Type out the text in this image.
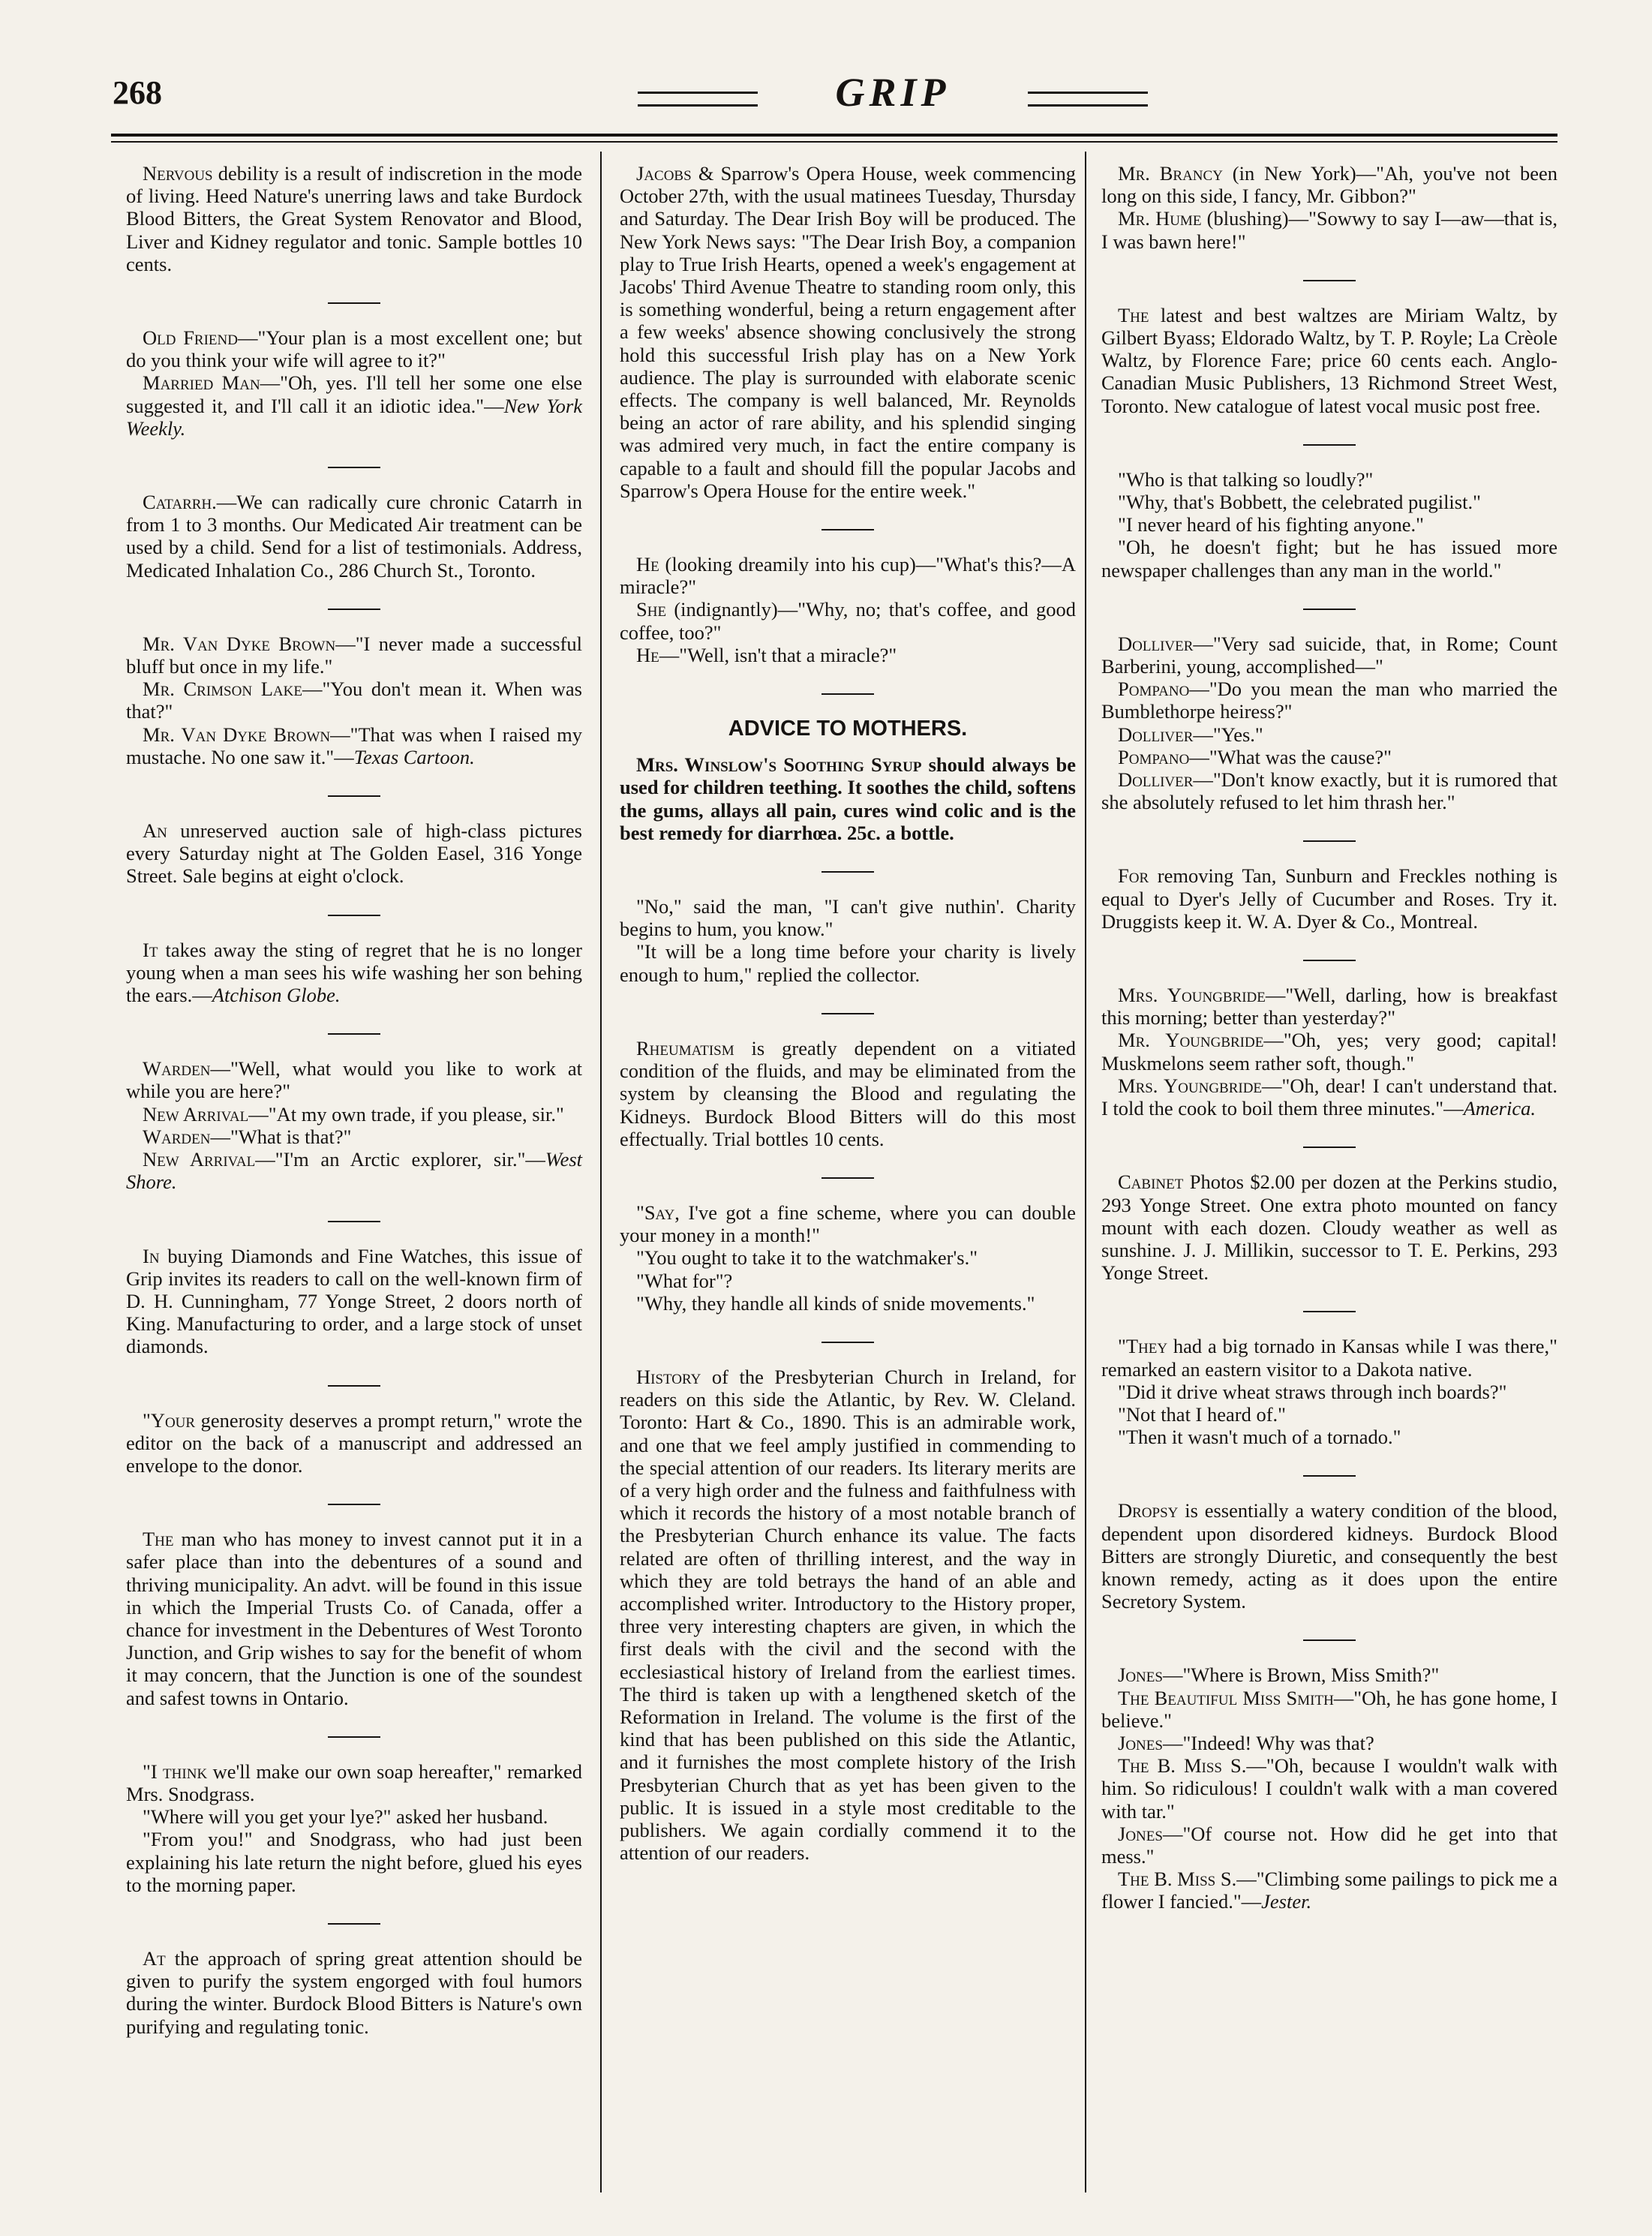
268	GRIP

Nervous debility is a result of indiscretion in the mode of living. Heed Nature's unerring laws and take Burdock Blood Bitters, the Great System Renovator and Blood, Liver and Kidney regulator and tonic. Sample bottles 10 cents.

Old Friend—"Your plan is a most excellent one; but do you think your wife will agree to it?"

Married Man—"Oh, yes. I'll tell her some one else suggested it, and I'll call it an idiotic idea."—New York Weekly.

Catarrh.—We can radically cure chronic Catarrh in from 1 to 3 months. Our Medicated Air treatment can be used by a child. Send for a list of testimonials. Address, Medicated Inhalation Co., 286 Church St., Toronto.

Mr. Van Dyke Brown—"I never made a successful bluff but once in my life."

Mr. Crimson Lake—"You don't mean it. When was that?"

Mr. Van Dyke Brown—"That was when I raised my mustache. No one saw it."—Texas Cartoon.

An unreserved auction sale of high-class pictures every Saturday night at The Golden Easel, 316 Yonge Street. Sale begins at eight o'clock.

It takes away the sting of regret that he is no longer young when a man sees his wife washing her son behing the ears.—Atchison Globe.

Warden—"Well, what would you like to work at while you are here?"

New Arrival—"At my own trade, if you please, sir."

Warden—"What is that?"

New Arrival—"I'm an Arctic explorer, sir."—West Shore.

In buying Diamonds and Fine Watches, this issue of Grip invites its readers to call on the well-known firm of D. H. Cunningham, 77 Yonge Street, 2 doors north of King. Manufacturing to order, and a large stock of unset diamonds.

"Your generosity deserves a prompt return," wrote the editor on the back of a manuscript and addressed an envelope to the donor.

The man who has money to invest cannot put it in a safer place than into the debentures of a sound and thriving municipality. An advt. will be found in this issue in which the Imperial Trusts Co. of Canada, offer a chance for investment in the Debentures of West Toronto Junction, and Grip wishes to say for the benefit of whom it may concern, that the Junction is one of the soundest and safest towns in Ontario.

"I think we'll make our own soap hereafter," remarked Mrs. Snodgrass.

"Where will you get your lye?" asked her husband.

"From you!" and Snodgrass, who had just been explaining his late return the night before, glued his eyes to the morning paper.

At the approach of spring great attention should be given to purify the system engorged with foul humors during the winter. Burdock Blood Bitters is Nature's own purifying and regulating tonic.

Jacobs & Sparrow's Opera House, week commencing October 27th, with the usual matinees Tuesday, Thursday and Saturday. The Dear Irish Boy will be produced. The New York News says: "The Dear Irish Boy, a companion play to True Irish Hearts, opened a week's engagement at Jacobs' Third Avenue Theatre to standing room only, this is something wonderful, being a return engagement after a few weeks' absence showing conclusively the strong hold this successful Irish play has on a New York audience. The play is surrounded with elaborate scenic effects. The company is well balanced, Mr. Reynolds being an actor of rare ability, and his splendid singing was admired very much, in fact the entire company is capable to a fault and should fill the popular Jacobs and Sparrow's Opera House for the entire week."

He (looking dreamily into his cup)—"What's this?—A miracle?"

She (indignantly)—"Why, no; that's coffee, and good coffee, too?"

He—"Well, isn't that a miracle?"

ADVICE TO MOTHERS.

Mrs. Winslow's Soothing Syrup should always be used for children teething. It soothes the child, softens the gums, allays all pain, cures wind colic and is the best remedy for diarrhœa. 25c. a bottle.

"No," said the man, "I can't give nuthin'. Charity begins to hum, you know."

"It will be a long time before your charity is lively enough to hum," replied the collector.

Rheumatism is greatly dependent on a vitiated condition of the fluids, and may be eliminated from the system by cleansing the Blood and regulating the Kidneys. Burdock Blood Bitters will do this most effectually. Trial bottles 10 cents.

"Say, I've got a fine scheme, where you can double your money in a month!"

"You ought to take it to the watchmaker's."

"What for"?

"Why, they handle all kinds of snide movements."

History of the Presbyterian Church in Ireland, for readers on this side the Atlantic, by Rev. W. Cleland. Toronto: Hart & Co., 1890. This is an admirable work, and one that we feel amply justified in commending to the special attention of our readers. Its literary merits are of a very high order and the fulness and faithfulness with which it records the history of a most notable branch of the Presbyterian Church enhance its value. The facts related are often of thrilling interest, and the way in which they are told betrays the hand of an able and accomplished writer. Introductory to the History proper, three very interesting chapters are given, in which the first deals with the civil and the second with the ecclesiastical history of Ireland from the earliest times. The third is taken up with a lengthened sketch of the Reformation in Ireland. The volume is the first of the kind that has been published on this side the Atlantic, and it furnishes the most complete history of the Irish Presbyterian Church that as yet has been given to the public. It is issued in a style most creditable to the publishers. We again cordially commend it to the attention of our readers.

Mr. Brancy (in New York)—"Ah, you've not been long on this side, I fancy, Mr. Gibbon?"

Mr. Hume (blushing)—"Sowwy to say I—aw—that is, I was bawn here!"

The latest and best waltzes are Miriam Waltz, by Gilbert Byass; Eldorado Waltz, by T. P. Royle; La Crèole Waltz, by Florence Fare; price 60 cents each. Anglo-Canadian Music Publishers, 13 Richmond Street West, Toronto. New catalogue of latest vocal music post free.

"Who is that talking so loudly?"

"Why, that's Bobbett, the celebrated pugilist."

"I never heard of his fighting anyone."

"Oh, he doesn't fight; but he has issued more newspaper challenges than any man in the world."

Dolliver—"Very sad suicide, that, in Rome; Count Barberini, young, accomplished—"

Pompano—"Do you mean the man who married the Bumblethorpe heiress?"

Dolliver—"Yes."

Pompano—"What was the cause?"

Dolliver—"Don't know exactly, but it is rumored that she absolutely refused to let him thrash her."

For removing Tan, Sunburn and Freckles nothing is equal to Dyer's Jelly of Cucumber and Roses. Try it. Druggists keep it. W. A. Dyer & Co., Montreal.

Mrs. Youngbride—"Well, darling, how is breakfast this morning; better than yesterday?"

Mr. Youngbride—"Oh, yes; very good; capital! Muskmelons seem rather soft, though."

Mrs. Youngbride—"Oh, dear! I can't understand that. I told the cook to boil them three minutes."—America.

Cabinet Photos $2.00 per dozen at the Perkins studio, 293 Yonge Street. One extra photo mounted on fancy mount with each dozen. Cloudy weather as well as sunshine. J. J. Millikin, successor to T. E. Perkins, 293 Yonge Street.

"They had a big tornado in Kansas while I was there," remarked an eastern visitor to a Dakota native.

"Did it drive wheat straws through inch boards?"

"Not that I heard of."

"Then it wasn't much of a tornado."

Dropsy is essentially a watery condition of the blood, dependent upon disordered kidneys. Burdock Blood Bitters are strongly Diuretic, and consequently the best known remedy, acting as it does upon the entire Secretory System.

Jones—"Where is Brown, Miss Smith?"

The Beautiful Miss Smith—"Oh, he has gone home, I believe."

Jones—"Indeed! Why was that?

The B. Miss S.—"Oh, because I wouldn't walk with him. So ridiculous! I couldn't walk with a man covered with tar."

Jones—"Of course not. How did he get into that mess."

The B. Miss S.—"Climbing some pailings to pick me a flower I fancied."—Jester.
